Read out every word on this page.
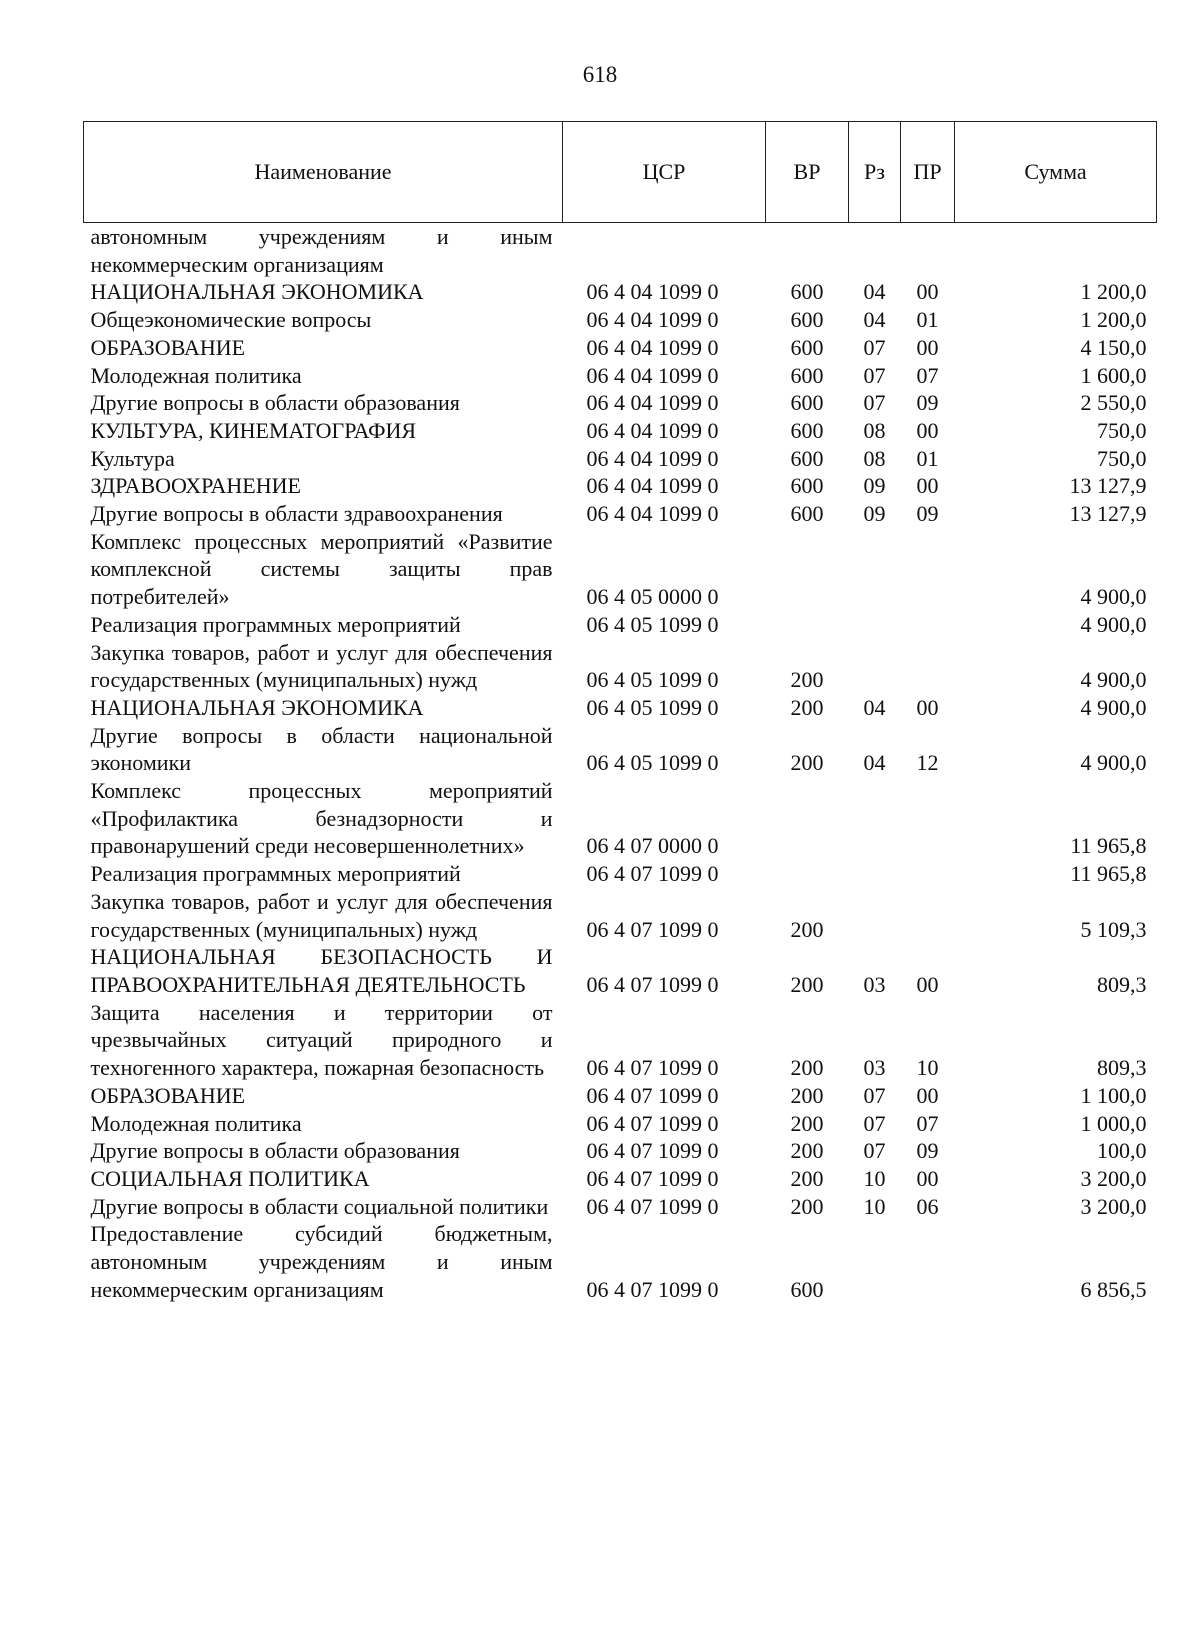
618
Наименование	ЦСР	ВР	Рз	ПР	Сумма
автономным учреждениям и иным некоммерческим организациям					
НАЦИОНАЛЬНАЯ ЭКОНОМИКА	06 4 04 1099 0	600	04	00	1 200,0
Общеэкономические вопросы	06 4 04 1099 0	600	04	01	1 200,0
ОБРАЗОВАНИЕ	06 4 04 1099 0	600	07	00	4 150,0
Молодежная политика	06 4 04 1099 0	600	07	07	1 600,0
Другие вопросы в области образования	06 4 04 1099 0	600	07	09	2 550,0
КУЛЬТУРА, КИНЕМАТОГРАФИЯ	06 4 04 1099 0	600	08	00	750,0
Культура	06 4 04 1099 0	600	08	01	750,0
ЗДРАВООХРАНЕНИЕ	06 4 04 1099 0	600	09	00	13 127,9
Другие вопросы в области здравоохранения	06 4 04 1099 0	600	09	09	13 127,9
Комплекс процессных мероприятий «Развитие комплексной системы защиты прав потребителей»	06 4 05 0000 0				4 900,0
Реализация программных мероприятий	06 4 05 1099 0				4 900,0
Закупка товаров, работ и услуг для обеспечения государственных (муниципальных) нужд	06 4 05 1099 0	200			4 900,0
НАЦИОНАЛЬНАЯ ЭКОНОМИКА	06 4 05 1099 0	200	04	00	4 900,0
Другие вопросы в области национальной экономики	06 4 05 1099 0	200	04	12	4 900,0
Комплекс процессных мероприятий «Профилактика безнадзорности и правонарушений среди несовершеннолетних»	06 4 07 0000 0				11 965,8
Реализация программных мероприятий	06 4 07 1099 0				11 965,8
Закупка товаров, работ и услуг для обеспечения государственных (муниципальных) нужд	06 4 07 1099 0	200			5 109,3
НАЦИОНАЛЬНАЯ БЕЗОПАСНОСТЬ И ПРАВООХРАНИТЕЛЬНАЯ ДЕЯТЕЛЬНОСТЬ	06 4 07 1099 0	200	03	00	809,3
Защита населения и территории от чрезвычайных ситуаций природного и техногенного характера, пожарная безопасность	06 4 07 1099 0	200	03	10	809,3
ОБРАЗОВАНИЕ	06 4 07 1099 0	200	07	00	1 100,0
Молодежная политика	06 4 07 1099 0	200	07	07	1 000,0
Другие вопросы в области образования	06 4 07 1099 0	200	07	09	100,0
СОЦИАЛЬНАЯ ПОЛИТИКА	06 4 07 1099 0	200	10	00	3 200,0
Другие вопросы в области социальной политики	06 4 07 1099 0	200	10	06	3 200,0
Предоставление субсидий бюджетным, автономным учреждениям и иным некоммерческим организациям	06 4 07 1099 0	600			6 856,5
